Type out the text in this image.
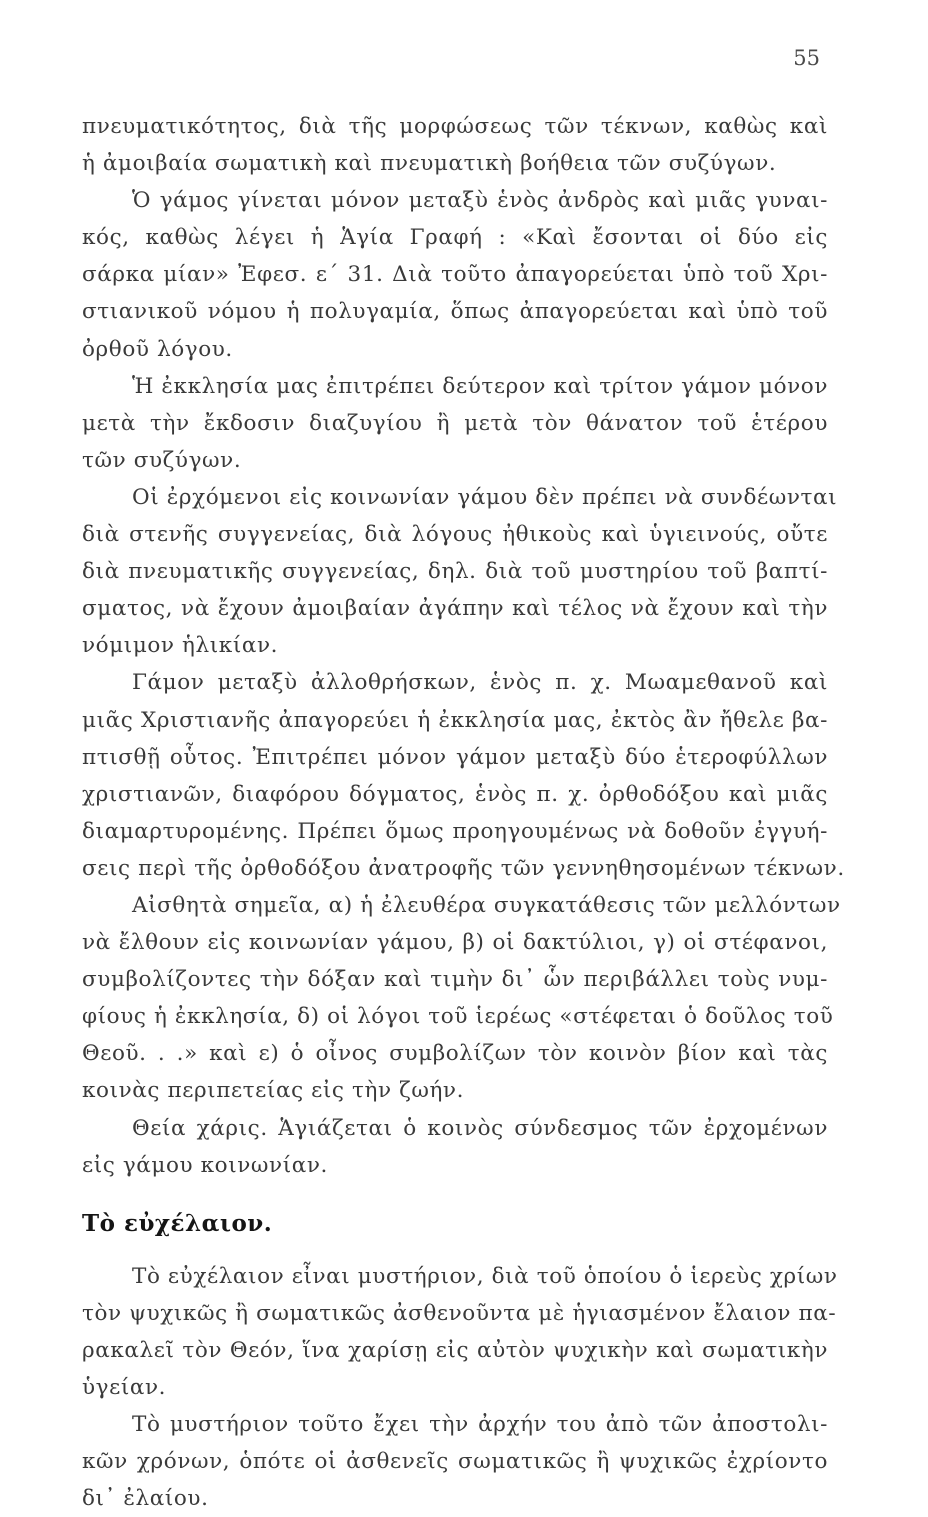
55
πνευματικότητος, διὰ τῆς μορφώσεως τῶν τέκνων, καθὼς καὶ
ἡ ἀμοιβαία σωματικὴ καὶ πνευματικὴ βοήθεια τῶν συζύγων.
Ὁ γάμος γίνεται μόνον μεταξὺ ἑνὸς ἀνδρὸς καὶ μιᾶς γυναι-
κός, καθὼς λέγει ἡ Ἁγία Γραφή : «Καὶ ἔσονται οἱ δύο εἰς
σάρκα μίαν» Ἐφεσ. ε΄ 31. Διὰ τοῦτο ἀπαγορεύεται ὑπὸ τοῦ Χρι-
στιανικοῦ νόμου ἡ πολυγαμία, ὅπως ἀπαγορεύεται καὶ ὑπὸ τοῦ
ὀρθοῦ λόγου.
Ἡ ἐκκλησία μας ἐπιτρέπει δεύτερον καὶ τρίτον γάμον μόνον
μετὰ τὴν ἔκδοσιν διαζυγίου ἢ μετὰ τὸν θάνατον τοῦ ἑτέρου
τῶν συζύγων.
Οἱ ἐρχόμενοι εἰς κοινωνίαν γάμου δὲν πρέπει νὰ συνδέωνται
διὰ στενῆς συγγενείας, διὰ λόγους ἠθικοὺς καὶ ὑγιεινούς, οὔτε
διὰ πνευματικῆς συγγενείας, δηλ. διὰ τοῦ μυστηρίου τοῦ βαπτί-
σματος, νὰ ἔχουν ἀμοιβαίαν ἀγάπην καὶ τέλος νὰ ἔχουν καὶ τὴν
νόμιμον ἡλικίαν.
Γάμον μεταξὺ ἀλλοθρήσκων, ἑνὸς π. χ. Μωαμεθανοῦ καὶ
μιᾶς Χριστιανῆς ἀπαγορεύει ἡ ἐκκλησία μας, ἐκτὸς ἂν ἤθελε βα-
πτισθῇ οὗτος. Ἐπιτρέπει μόνον γάμον μεταξὺ δύο ἑτεροφύλλων
χριστιανῶν, διαφόρου δόγματος, ἑνὸς π. χ. ὀρθοδόξου καὶ μιᾶς
διαμαρτυρομένης. Πρέπει ὅμως προηγουμένως νὰ δοθοῦν ἐγγυή-
σεις περὶ τῆς ὀρθοδόξου ἀνατροφῆς τῶν γεννηθησομένων τέκνων.
Αἰσθητὰ σημεῖα, α) ἡ ἐλευθέρα συγκατάθεσις τῶν μελλόντων
νὰ ἔλθουν εἰς κοινωνίαν γάμου, β) οἱ δακτύλιοι, γ) οἱ στέφανοι,
συμβολίζοντες τὴν δόξαν καὶ τιμὴν δι᾽ ὧν περιβάλλει τοὺς νυμ-
φίους ἡ ἐκκλησία, δ) οἱ λόγοι τοῦ ἱερέως «στέφεται ὁ δοῦλος τοῦ
Θεοῦ. . .» καὶ ε) ὁ οἶνος συμβολίζων τὸν κοινὸν βίον καὶ τὰς
κοινὰς περιπετείας εἰς τὴν ζωήν.
Θεία χάρις. Ἁγιάζεται ὁ κοινὸς σύνδεσμος τῶν ἐρχομένων
εἰς γάμου κοινωνίαν.
Τὸ εὐχέλαιον.
Τὸ εὐχέλαιον εἶναι μυστήριον, διὰ τοῦ ὁποίου ὁ ἱερεὺς χρίων
τὸν ψυχικῶς ἢ σωματικῶς ἀσθενοῦντα μὲ ἡγιασμένον ἔλαιον πα-
ρακαλεῖ τὸν Θεόν, ἵνα χαρίσῃ εἰς αὐτὸν ψυχικὴν καὶ σωματικὴν
ὑγείαν.
Τὸ μυστήριον τοῦτο ἔχει τὴν ἀρχήν του ἀπὸ τῶν ἀποστολι-
κῶν χρόνων, ὁπότε οἱ ἀσθενεῖς σωματικῶς ἢ ψυχικῶς ἐχρίοντο
δι᾽ ἐλαίου.
